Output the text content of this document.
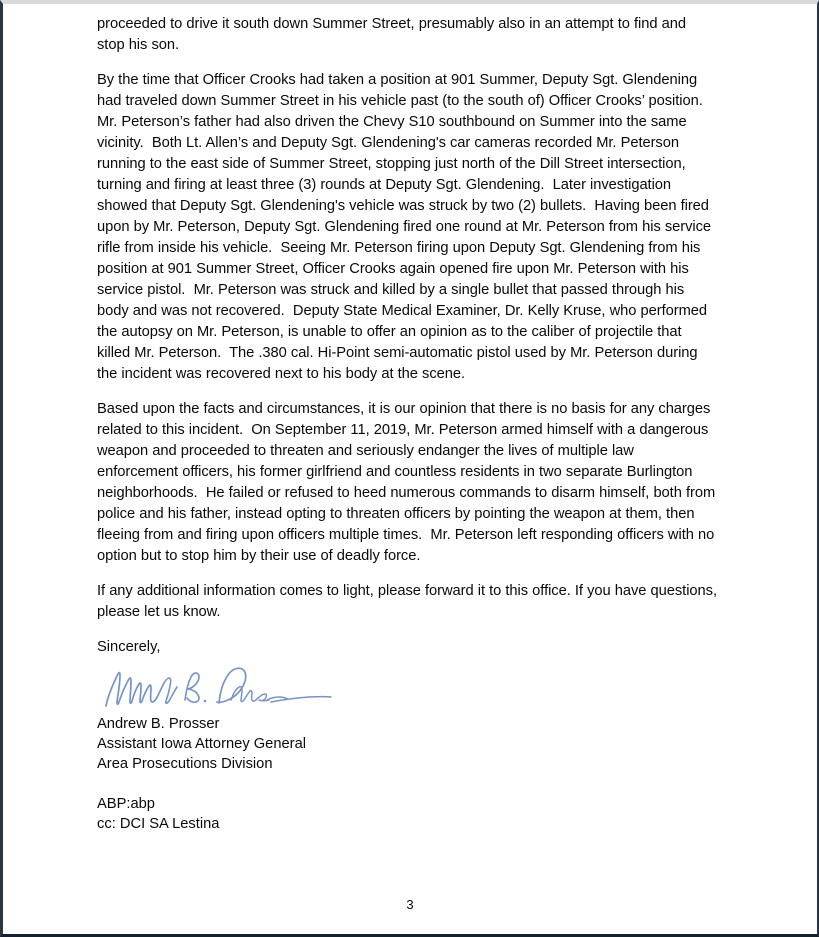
proceeded to drive it south down Summer Street, presumably also in an attempt to find and stop his son.

By the time that Officer Crooks had taken a position at 901 Summer, Deputy Sgt. Glendening had traveled down Summer Street in his vehicle past (to the south of) Officer Crooks’ position.  Mr. Peterson’s father had also driven the Chevy S10 southbound on Summer into the same vicinity.  Both Lt. Allen’s and Deputy Sgt. Glendening's car cameras recorded Mr. Peterson running to the east side of Summer Street, stopping just north of the Dill Street intersection, turning and firing at least three (3) rounds at Deputy Sgt. Glendening.  Later investigation showed that Deputy Sgt. Glendening's vehicle was struck by two (2) bullets.  Having been fired upon by Mr. Peterson, Deputy Sgt. Glendening fired one round at Mr. Peterson from his service rifle from inside his vehicle.  Seeing Mr. Peterson firing upon Deputy Sgt. Glendening from his position at 901 Summer Street, Officer Crooks again opened fire upon Mr. Peterson with his service pistol.  Mr. Peterson was struck and killed by a single bullet that passed through his body and was not recovered.  Deputy State Medical Examiner, Dr. Kelly Kruse, who performed the autopsy on Mr. Peterson, is unable to offer an opinion as to the caliber of projectile that killed Mr. Peterson.  The .380 cal. Hi-Point semi-automatic pistol used by Mr. Peterson during the incident was recovered next to his body at the scene.

Based upon the facts and circumstances, it is our opinion that there is no basis for any charges related to this incident.  On September 11, 2019, Mr. Peterson armed himself with a dangerous weapon and proceeded to threaten and seriously endanger the lives of multiple law enforcement officers, his former girlfriend and countless residents in two separate Burlington neighborhoods.  He failed or refused to heed numerous commands to disarm himself, both from police and his father, instead opting to threaten officers by pointing the weapon at them, then fleeing from and firing upon officers multiple times.  Mr. Peterson left responding officers with no option but to stop him by their use of deadly force.

If any additional information comes to light, please forward it to this office. If you have questions, please let us know.

Sincerely,

Andrew B. Prosser
Assistant Iowa Attorney General
Area Prosecutions Division
ABP:abp
cc: DCI SA Lestina
3
